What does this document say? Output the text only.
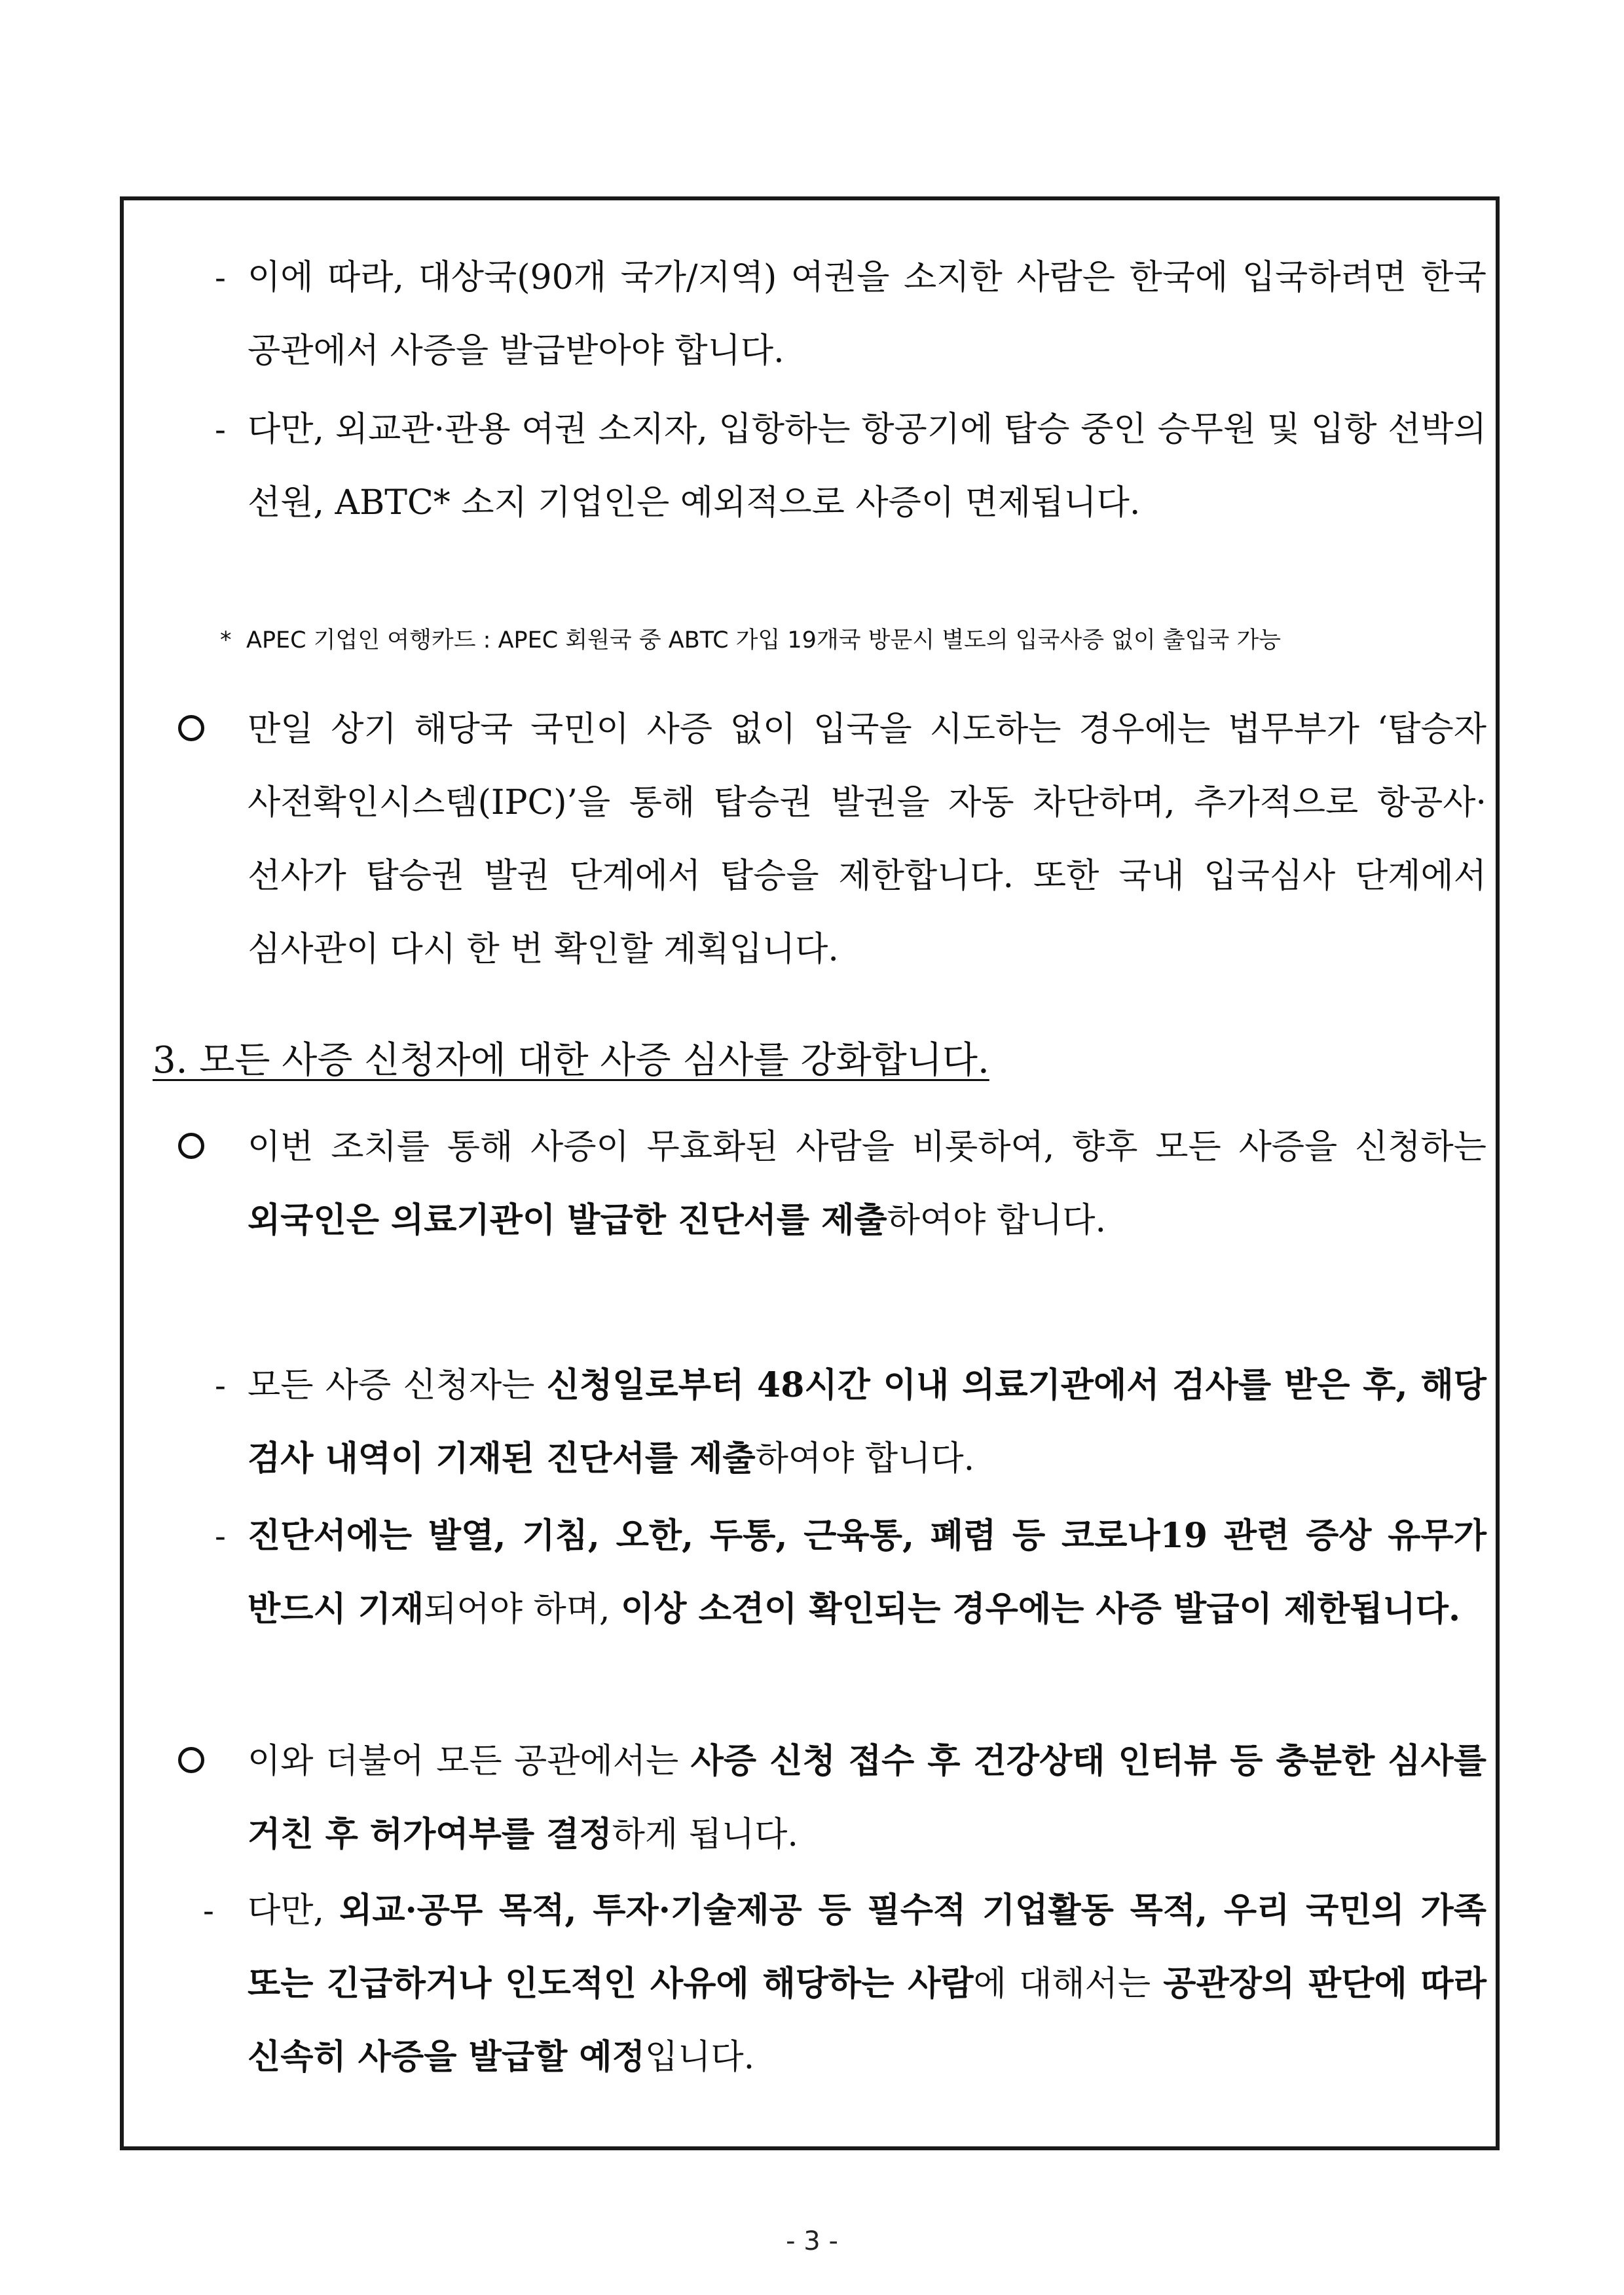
- 이에 따라, 대상국(90개 국가/지역) 여권을 소지한 사람은 한국에 입국하려면 한국 공관에서 사증을 발급받아야 합니다.
- 다만, 외교관·관용 여권 소지자, 입항하는 항공기에 탑승 중인 승무원 및 입항 선박의 선원, ABTC* 소지 기업인은 예외적으로 사증이 면제됩니다.
* APEC 기업인 여행카드 : APEC 회원국 중 ABTC 가입 19개국 방문시 별도의 입국사증 없이 출입국 가능
만일 상기 해당국 국민이 사증 없이 입국을 시도하는 경우에는 법무부가 ‘탑승자 사전확인시스템(IPC)’을 통해 탑승권 발권을 자동 차단하며, 추가적으로 항공사·선사가 탑승권 발권 단계에서 탑승을 제한합니다. 또한 국내 입국심사 단계에서 심사관이 다시 한 번 확인할 계획입니다.
3. 모든 사증 신청자에 대한 사증 심사를 강화합니다.
이번 조치를 통해 사증이 무효화된 사람을 비롯하여, 향후 모든 사증을 신청하는 외국인은 의료기관이 발급한 진단서를 제출하여야 합니다.
- 모든 사증 신청자는 신청일로부터 48시간 이내 의료기관에서 검사를 받은 후, 해당 검사 내역이 기재된 진단서를 제출하여야 합니다.
- 진단서에는 발열, 기침, 오한, 두통, 근육통, 폐렴 등 코로나19 관련 증상 유무가 반드시 기재되어야 하며, 이상 소견이 확인되는 경우에는 사증 발급이 제한됩니다.
이와 더불어 모든 공관에서는 사증 신청 접수 후 건강상태 인터뷰 등 충분한 심사를 거친 후 허가여부를 결정하게 됩니다.
- 다만, 외교·공무 목적, 투자·기술제공 등 필수적 기업활동 목적, 우리 국민의 가족 또는 긴급하거나 인도적인 사유에 해당하는 사람에 대해서는 공관장의 판단에 따라 신속히 사증을 발급할 예정입니다.
- 3 -
